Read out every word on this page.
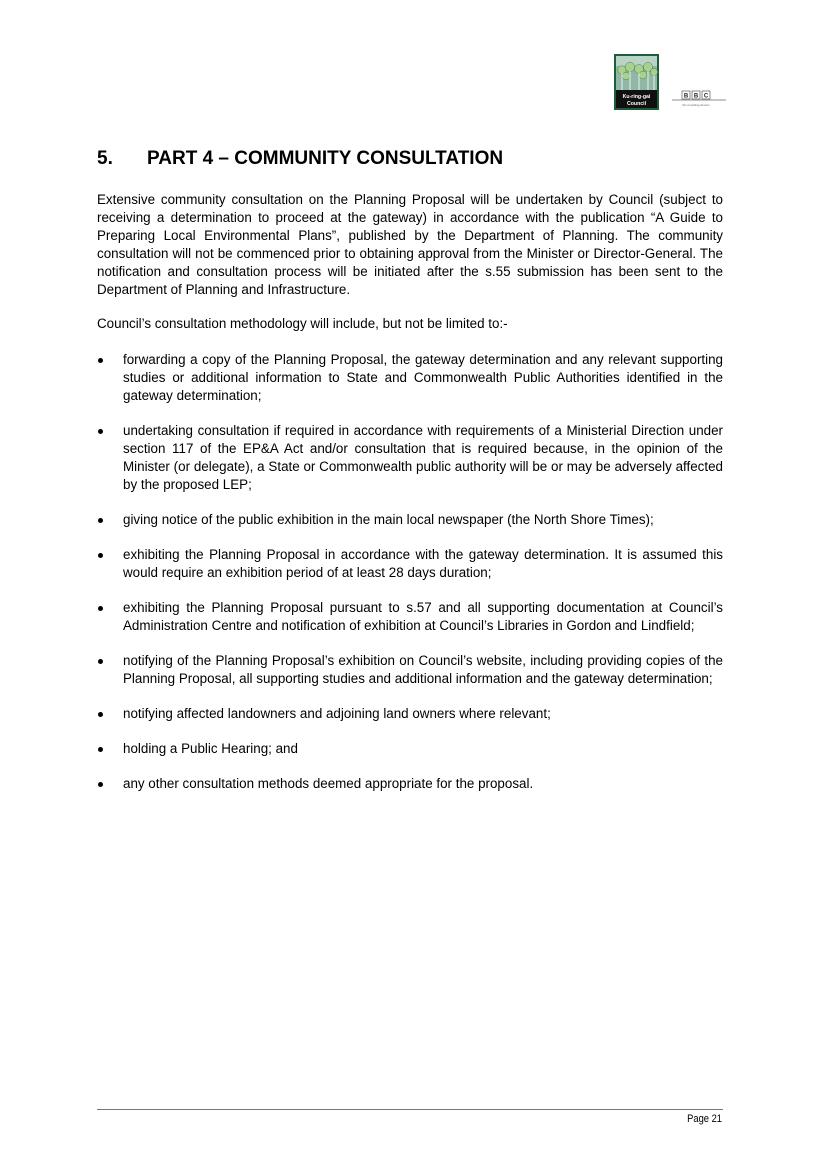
Ku-ring-gai
Council
B B C
bbc consulting planners
5. PART 4 – COMMUNITY CONSULTATION

Extensive community consultation on the Planning Proposal will be undertaken by Council (subject to receiving a determination to proceed at the gateway) in accordance with the publication “A Guide to Preparing Local Environmental Plans”, published by the Department of Planning. The community consultation will not be commenced prior to obtaining approval from the Minister or Director-General. The notification and consultation process will be initiated after the s.55 submission has been sent to the Department of Planning and Infrastructure.

Council’s consultation methodology will include, but not be limited to:-

forwarding a copy of the Planning Proposal, the gateway determination and any relevant supporting studies or additional information to State and Commonwealth Public Authorities identified in the gateway determination;
undertaking consultation if required in accordance with requirements of a Ministerial Direction under section 117 of the EP&A Act and/or consultation that is required because, in the opinion of the Minister (or delegate), a State or Commonwealth public authority will be or may be adversely affected by the proposed LEP;
giving notice of the public exhibition in the main local newspaper (the North Shore Times);
exhibiting the Planning Proposal in accordance with the gateway determination. It is assumed this would require an exhibition period of at least 28 days duration;
exhibiting the Planning Proposal pursuant to s.57 and all supporting documentation at Council’s Administration Centre and notification of exhibition at Council’s Libraries in Gordon and Lindfield;
notifying of the Planning Proposal’s exhibition on Council’s website, including providing copies of the Planning Proposal, all supporting studies and additional information and the gateway determination;
notifying affected landowners and adjoining land owners where relevant;
holding a Public Hearing; and
any other consultation methods deemed appropriate for the proposal.
Page 21
